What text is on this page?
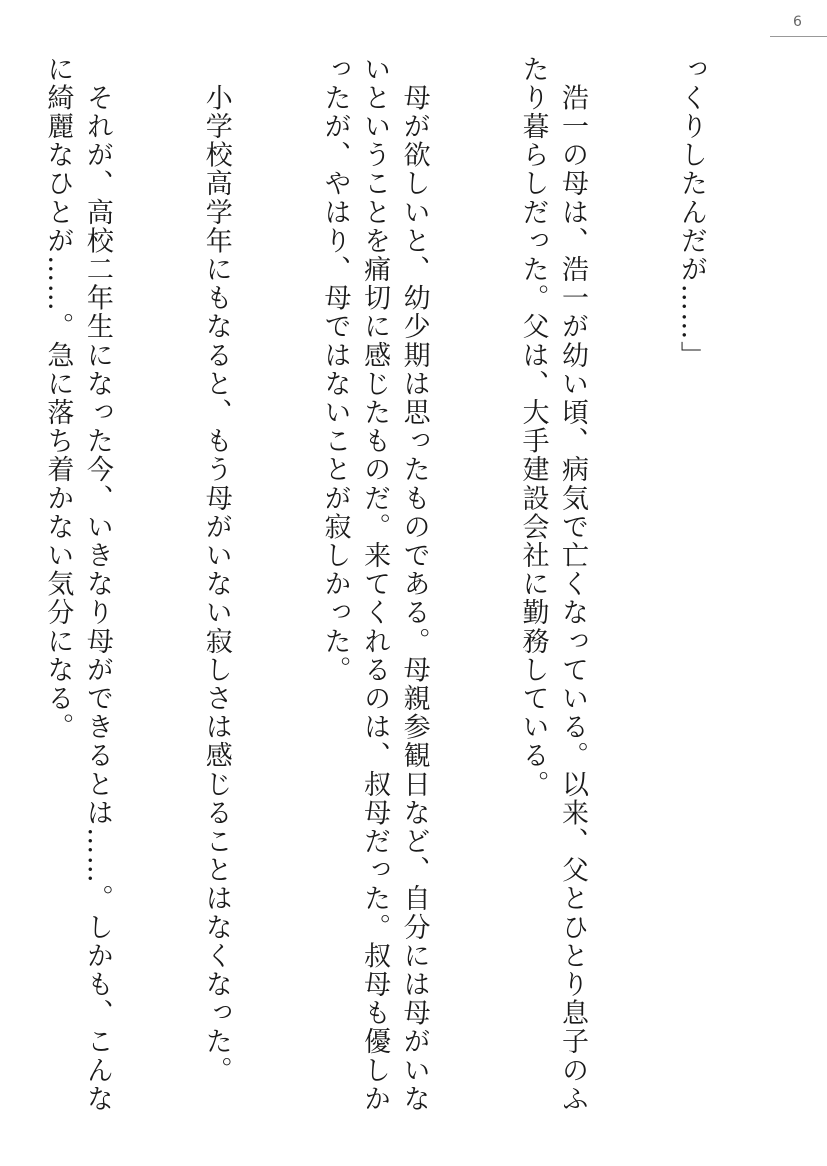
6

っくりしたんだが……」

　浩一の母は、浩一が幼い頃、病気で亡くなっている。以来、父とひとり息子のふたり暮らしだった。父は、大手建設会社に勤務している。

　母が欲しいと、幼少期は思ったものである。母親参観日など、自分には母がいないということを痛切に感じたものだ。来てくれるのは、叔母だった。叔母も優しかったが、やはり、母ではないことが寂しかった。

　小学校高学年にもなると、もう母がいない寂しさは感じることはなくなった。

　それが、高校二年生になった今、いきなり母ができるとは……。しかも、こんなに綺麗なひとが……。急に落ち着かない気分になる。
